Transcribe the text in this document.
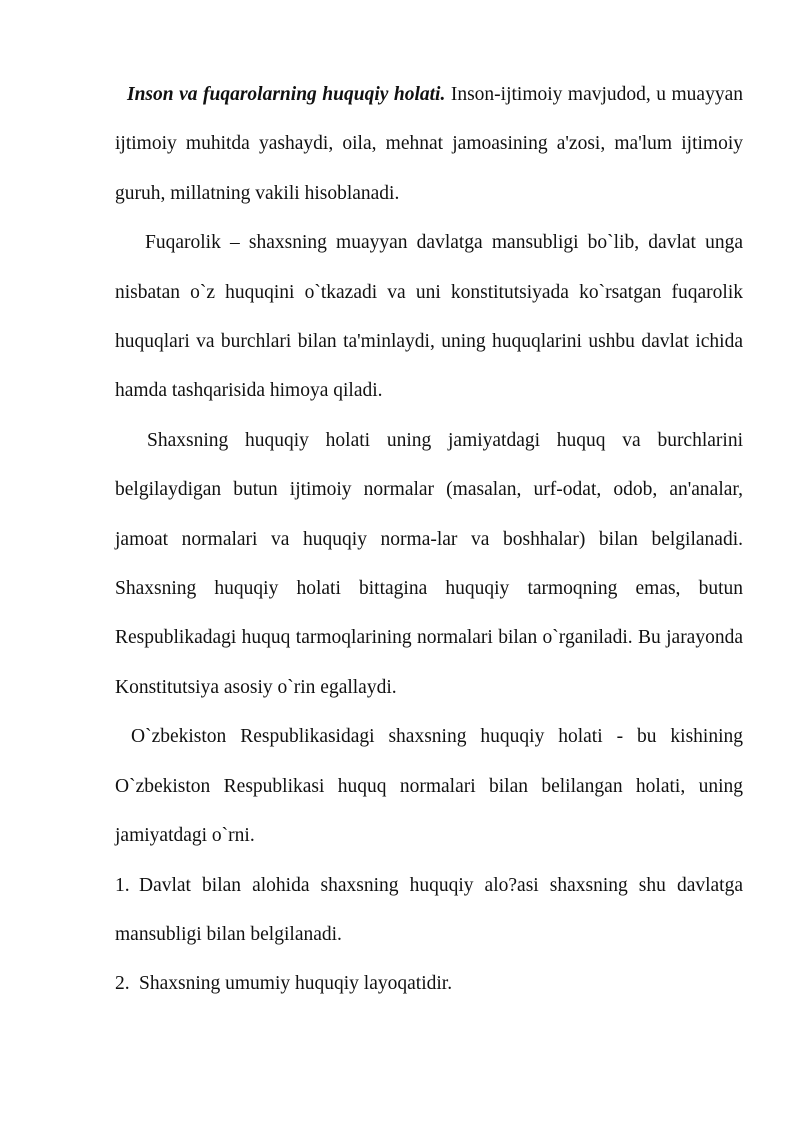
Inson va fuqarolarning huquqiy holati. Inson-ijtimoiy mavjudod, u muayyan ijtimoiy muhitda yashaydi, oila, mehnat jamoasining a'zosi, ma'lum ijtimoiy guruh, millatning vakili hisoblanadi.

Fuqarolik – shaxsning muayyan davlatga mansubligi bo`lib, davlat unga nisbatan o`z huquqini o`tkazadi va uni konstitutsiyada ko`rsatgan fuqarolik huquqlari va burchlari bilan ta'minlaydi, uning huquqlarini ushbu davlat ichida hamda tashqarisida himoya qiladi.

Shaxsning huquqiy holati uning jamiyatdagi huquq va burchlarini belgilaydigan butun ijtimoiy normalar (masalan, urf-odat, odob, an'analar, jamoat normalari va huquqiy norma-lar va boshhalar) bilan belgilanadi. Shaxsning huquqiy holati bittagina huquqiy tarmoqning emas, butun Respublikadagi huquq tarmoqlarining normalari bilan o`rganiladi. Bu jarayonda Konstitutsiya asosiy o`rin egallaydi.

O`zbekiston Respublikasidagi shaxsning huquqiy holati - bu kishining O`zbekiston Respublikasi huquq normalari bilan belilangan holati, uning jamiyatdagi o`rni.

1. Davlat bilan alohida shaxsning huquqiy alo?asi shaxsning shu davlatga mansubligi bilan belgilanadi.

2. Shaxsning umumiy huquqiy layoqatidir.
